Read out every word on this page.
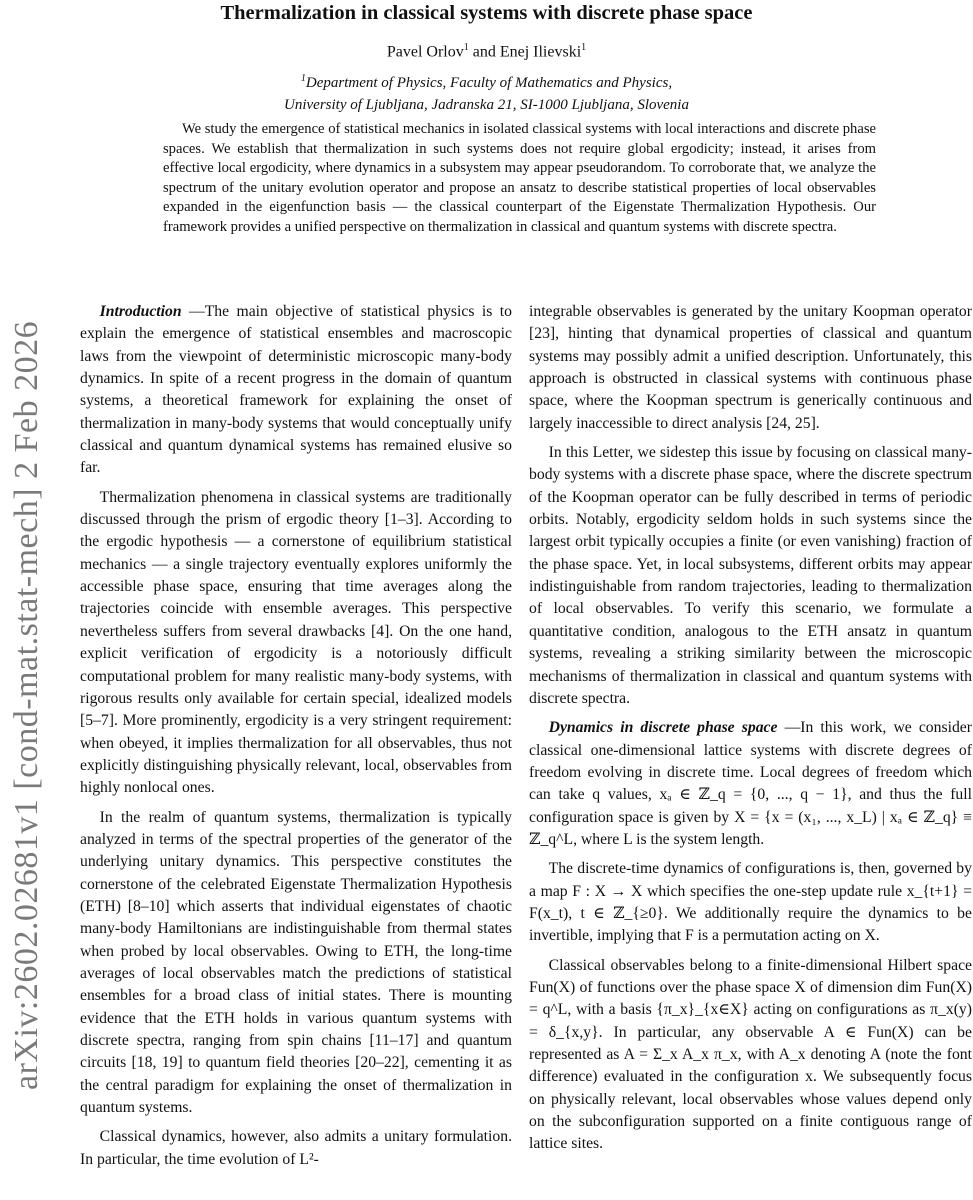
arXiv:2602.02681v1 [cond-mat.stat-mech] 2 Feb 2026
Thermalization in classical systems with discrete phase space
Pavel Orlov$^1$ and Enej Ilievski$^1$
$^1$Department of Physics, Faculty of Mathematics and Physics,
University of Ljubljana, Jadranska 21, SI-1000 Ljubljana, Slovenia
We study the emergence of statistical mechanics in isolated classical systems with local interactions and discrete phase spaces. We establish that thermalization in such systems does not require global ergodicity; instead, it arises from effective local ergodicity, where dynamics in a subsystem may appear pseudorandom. To corroborate that, we analyze the spectrum of the unitary evolution operator and propose an ansatz to describe statistical properties of local observables expanded in the eigenfunction basis — the classical counterpart of the Eigenstate Thermalization Hypothesis. Our framework provides a unified perspective on thermalization in classical and quantum systems with discrete spectra.

Introduction —The main objective of statistical physics is to explain the emergence of statistical ensembles and macroscopic laws from the viewpoint of deterministic microscopic many-body dynamics. In spite of a recent progress in the domain of quantum systems, a theoretical framework for explaining the onset of thermalization in many-body systems that would conceptually unify classical and quantum dynamical systems has remained elusive so far.

Thermalization phenomena in classical systems are traditionally discussed through the prism of ergodic theory [1–3]. According to the ergodic hypothesis — a cornerstone of equilibrium statistical mechanics — a single trajectory eventually explores uniformly the accessible phase space, ensuring that time averages along the trajectories coincide with ensemble averages. This perspective nevertheless suffers from several drawbacks [4]. On the one hand, explicit verification of ergodicity is a notoriously difficult computational problem for many realistic many-body systems, with rigorous results only available for certain special, idealized models [5–7]. More prominently, ergodicity is a very stringent requirement: when obeyed, it implies thermalization for all observables, thus not explicitly distinguishing physically relevant, local, observables from highly nonlocal ones.

In the realm of quantum systems, thermalization is typically analyzed in terms of the spectral properties of the generator of the underlying unitary dynamics. This perspective constitutes the cornerstone of the celebrated Eigenstate Thermalization Hypothesis (ETH) [8–10] which asserts that individual eigenstates of chaotic many-body Hamiltonians are indistinguishable from thermal states when probed by local observables. Owing to ETH, the long-time averages of local observables match the predictions of statistical ensembles for a broad class of initial states. There is mounting evidence that the ETH holds in various quantum systems with discrete spectra, ranging from spin chains [11–17] and quantum circuits [18, 19] to quantum field theories [20–22], cementing it as the central paradigm for explaining the onset of thermalization in quantum systems.

Classical dynamics, however, also admits a unitary formulation. In particular, the time evolution of L²-

integrable observables is generated by the unitary Koopman operator [23], hinting that dynamical properties of classical and quantum systems may possibly admit a unified description. Unfortunately, this approach is obstructed in classical systems with continuous phase space, where the Koopman spectrum is generically continuous and largely inaccessible to direct analysis [24, 25].

In this Letter, we sidestep this issue by focusing on classical many-body systems with a discrete phase space, where the discrete spectrum of the Koopman operator can be fully described in terms of periodic orbits. Notably, ergodicity seldom holds in such systems since the largest orbit typically occupies a finite (or even vanishing) fraction of the phase space. Yet, in local subsystems, different orbits may appear indistinguishable from random trajectories, leading to thermalization of local observables. To verify this scenario, we formulate a quantitative condition, analogous to the ETH ansatz in quantum systems, revealing a striking similarity between the microscopic mechanisms of thermalization in classical and quantum systems with discrete spectra.

Dynamics in discrete phase space —In this work, we consider classical one-dimensional lattice systems with discrete degrees of freedom evolving in discrete time. Local degrees of freedom which can take q values, xₐ ∈ ℤ_q = {0, ..., q − 1}, and thus the full configuration space is given by X = {x = (x₁, ..., x_L) | xₐ ∈ ℤ_q} ≡ ℤ_q^L, where L is the system length.

The discrete-time dynamics of configurations is, then, governed by a map F : X → X which specifies the one-step update rule x_{t+1} = F(x_t), t ∈ ℤ_{≥0}. We additionally require the dynamics to be invertible, implying that F is a permutation acting on X.

Classical observables belong to a finite-dimensional Hilbert space Fun(X) of functions over the phase space X of dimension dim Fun(X) = q^L, with a basis {π_x}_{x∈X} acting on configurations as π_x(y) = δ_{x,y}. In particular, any observable A ∈ Fun(X) can be represented as A = Σ_x A_x π_x, with A_x denoting A (note the font difference) evaluated in the configuration x. We subsequently focus on physically relevant, local observables whose values depend only on the subconfiguration supported on a finite contiguous range of lattice sites.
